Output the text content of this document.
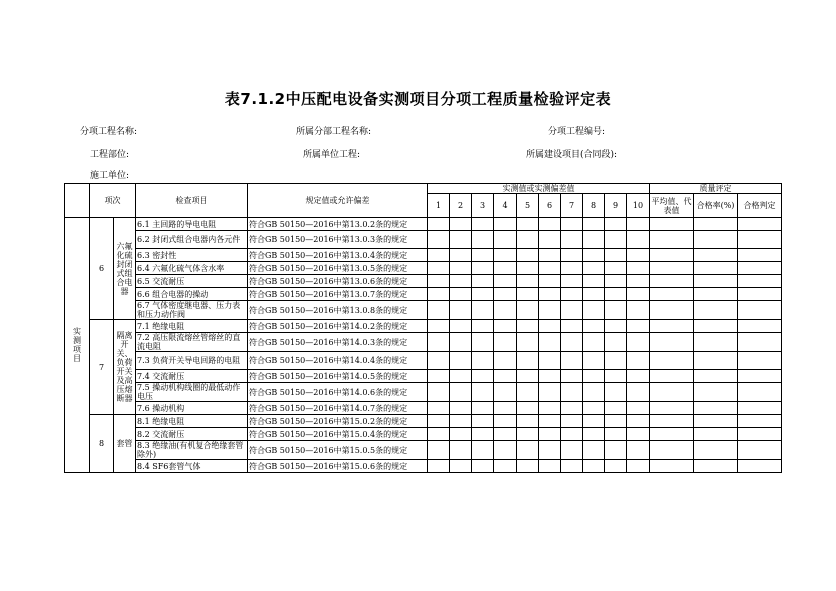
表7.1.2中压配电设备实测项目分项工程质量检验评定表
分项工程名称:	所属分部工程名称:	分项工程编号:
工程部位:	所属单位工程:	所属建设项目(合同段):
施工单位:
	项次		检查项目	规定值或允许偏差	实测值或实测偏差值										质量评定		
					1	2	3	4	5	6	7	8	9	10	平均值、代表值	合格率(%)	合格判定
实测项目	6	六氟化硫封闭式组合电器	6.1 主回路的导电电阻	符合GB 50150—2016中第13.0.2条的规定													
			6.2 封闭式组合电器内各元件	符合GB 50150—2016中第13.0.3条的规定													
			6.3 密封性	符合GB 50150—2016中第13.0.4条的规定													
			6.4 六氟化硫气体含水率	符合GB 50150—2016中第13.0.5条的规定													
			6.5 交流耐压	符合GB 50150—2016中第13.0.6条的规定													
			6.6 组合电器的操动	符合GB 50150—2016中第13.0.7条的规定													
			6.7 气体密度继电器、压力表和压力动作阀	符合GB 50150—2016中第13.0.8条的规定													
	7	隔离开关、负荷开关及高压熔断器	7.1 绝缘电阻	符合GB 50150—2016中第14.0.2条的规定													
			7.2 高压限流熔丝管熔丝的直流电阻	符合GB 50150—2016中第14.0.3条的规定													
			7.3 负荷开关导电回路的电阻	符合GB 50150—2016中第14.0.4条的规定													
			7.4 交流耐压	符合GB 50150—2016中第14.0.5条的规定													
			7.5 操动机构线圈的最低动作电压	符合GB 50150—2016中第14.0.6条的规定													
			7.6 操动机构	符合GB 50150—2016中第14.0.7条的规定													
	8	套管	8.1 绝缘电阻	符合GB 50150—2016中第15.0.2条的规定													
			8.2 交流耐压	符合GB 50150—2016中第15.0.4条的规定													
			8.3 绝缘油(有机复合绝缘套管除外)	符合GB 50150—2016中第15.0.5条的规定													
			8.4 SF6套管气体	符合GB 50150—2016中第15.0.6条的规定													
